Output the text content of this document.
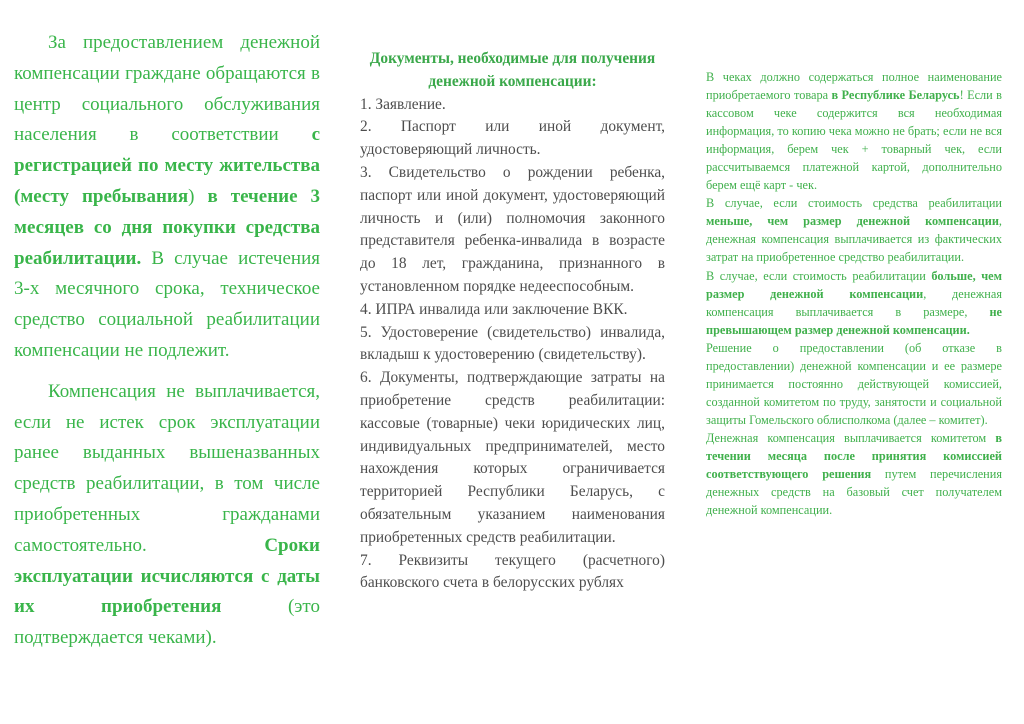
За предоставлением денежной компенсации граждане обращаются в центр социального обслуживания населения в соответствии с регистрацией по месту жительства (месту пребывания) в течение 3 месяцев со дня покупки средства реабилитации. В случае истечения 3-х месячного срока, техническое средство социальной реабилитации компенсации не подлежит.

Компенсация не выплачивается, если не истек срок эксплуатации ранее выданных вышеназванных средств реабилитации, в том числе приобретенных гражданами самостоятельно. Сроки эксплуатации исчисляются с даты их приобретения (это подтверждается чеками).

Документы, необходимые для получения денежной компенсации:

1. Заявление.

2. Паспорт или иной документ, удостоверяющий личность.

3. Свидетельство о рождении ребенка, паспорт или иной документ, удостоверяющий личность и (или) полномочия законного представителя ребенка-инвалида в возрасте до 18 лет, гражданина, признанного в установленном порядке недееспособным.

4. ИПРА инвалида или заключение ВКК.

5. Удостоверение (свидетельство) инвалида, вкладыш к удостоверению (свидетельству).

6. Документы, подтверждающие затраты на приобретение средств реабилитации: кассовые (товарные) чеки юридических лиц, индивидуальных предпринимателей, место нахождения которых ограничивается территорией Республики Беларусь, с обязательным указанием наименования приобретенных средств реабилитации.

7. Реквизиты текущего (расчетного) банковского счета в белорусских рублях

В чеках должно содержаться полное наименование приобретаемого товара в Республике Беларусь! Если в кассовом чеке содержится вся необходимая информация, то копию чека можно не брать; если не вся информация, берем чек + товарный чек, если рассчитываемся платежной картой, дополнительно берем ещё карт - чек.

В случае, если стоимость средства реабилитации меньше, чем размер денежной компенсации, денежная компенсация выплачивается из фактических затрат на приобретенное средство реабилитации.

В случае, если стоимость реабилитации больше, чем размер денежной компенсации, денежная компенсация выплачивается в размере, не превышающем размер денежной компенсации.

Решение о предоставлении (об отказе в предоставлении) денежной компенсации и ее размере принимается постоянно действующей комиссией, созданной комитетом по труду, занятости и социальной защиты Гомельского облисполкома (далее – комитет).

Денежная компенсация выплачивается комитетом в течении месяца после принятия комиссией соответствующего решения путем перечисления денежных средств на базовый счет получателем денежной компенсации.
